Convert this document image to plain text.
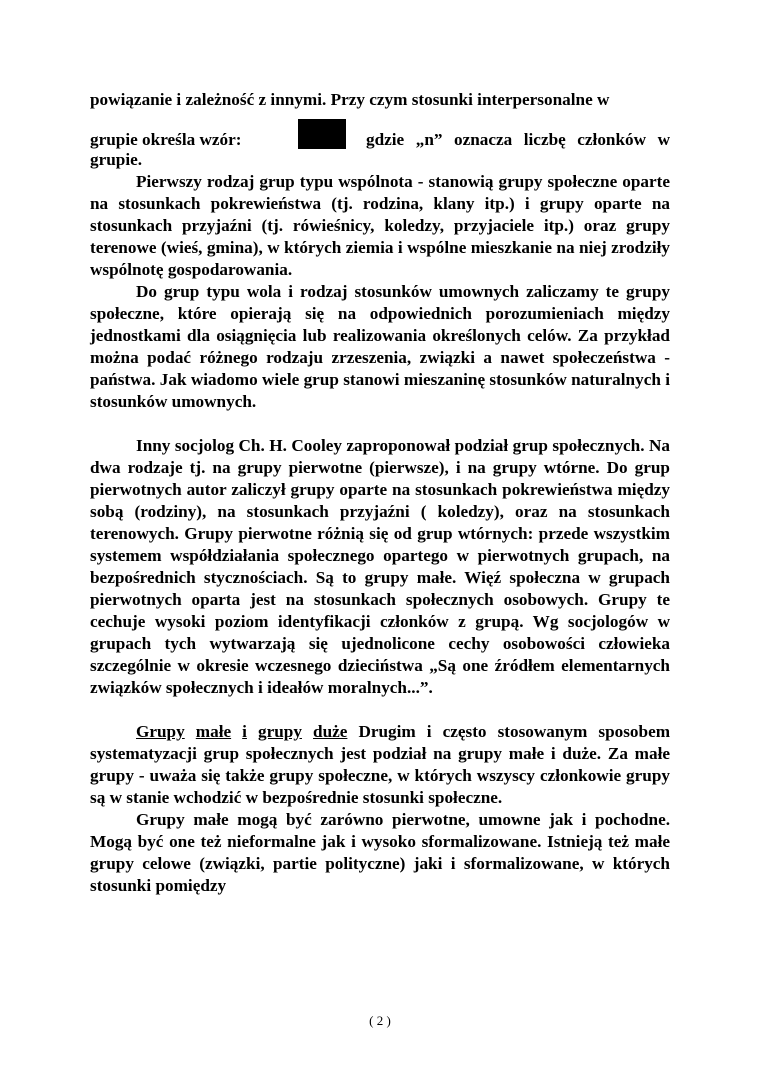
powiązanie i zależność z innymi. Przy czym stosunki interpersonalne w

grupie określa wzór:	gdzie „n” oznacza liczbę członków w

grupie.

Pierwszy rodzaj grup typu wspólnota - stanowią grupy społeczne oparte na stosunkach pokrewieństwa (tj. rodzina, klany itp.) i grupy oparte na stosunkach przyjaźni (tj. rówieśnicy, koledzy, przyjaciele itp.) oraz grupy terenowe (wieś, gmina), w których ziemia i wspólne mieszkanie na niej zrodziły wspólnotę gospodarowania.

Do grup typu wola i rodzaj stosunków umownych zaliczamy te grupy społeczne, które opierają się na odpowiednich porozumieniach między jednostkami dla osiągnięcia lub realizowania określonych celów. Za przykład można podać różnego rodzaju zrzeszenia, związki a nawet społeczeństwa - państwa. Jak wiadomo wiele grup stanowi mieszaninę stosunków naturalnych i stosunków umownych.

Inny socjolog Ch. H. Cooley zaproponował podział grup społecznych. Na dwa rodzaje tj. na grupy pierwotne (pierwsze), i na grupy wtórne. Do grup pierwotnych autor zaliczył grupy oparte na stosunkach pokrewieństwa między sobą (rodziny), na stosunkach przyjaźni ( koledzy), oraz na stosunkach terenowych. Grupy pierwotne różnią się od grup wtórnych: przede wszystkim systemem współdziałania społecznego opartego w pierwotnych grupach, na bezpośrednich stycznościach. Są to grupy małe. Więź społeczna w grupach pierwotnych oparta jest na stosunkach społecznych osobowych. Grupy te cechuje wysoki poziom identyfikacji członków z grupą. Wg socjologów w grupach tych wytwarzają się ujednolicone cechy osobowości człowieka szczególnie w okresie wczesnego dzieciństwa „Są one źródłem elementarnych związków społecznych i ideałów moralnych...”.

Grupy małe i grupy duże Drugim i często stosowanym sposobem systematyzacji grup społecznych jest podział na grupy małe i duże. Za małe grupy - uważa się także grupy społeczne, w których wszyscy członkowie grupy są w stanie wchodzić w bezpośrednie stosunki społeczne.

Grupy małe mogą być zarówno pierwotne, umowne jak i pochodne. Mogą być one też nieformalne jak i wysoko sformalizowane. Istnieją też małe grupy celowe (związki, partie polityczne) jaki i sformalizowane, w których stosunki pomiędzy

( 2 )
